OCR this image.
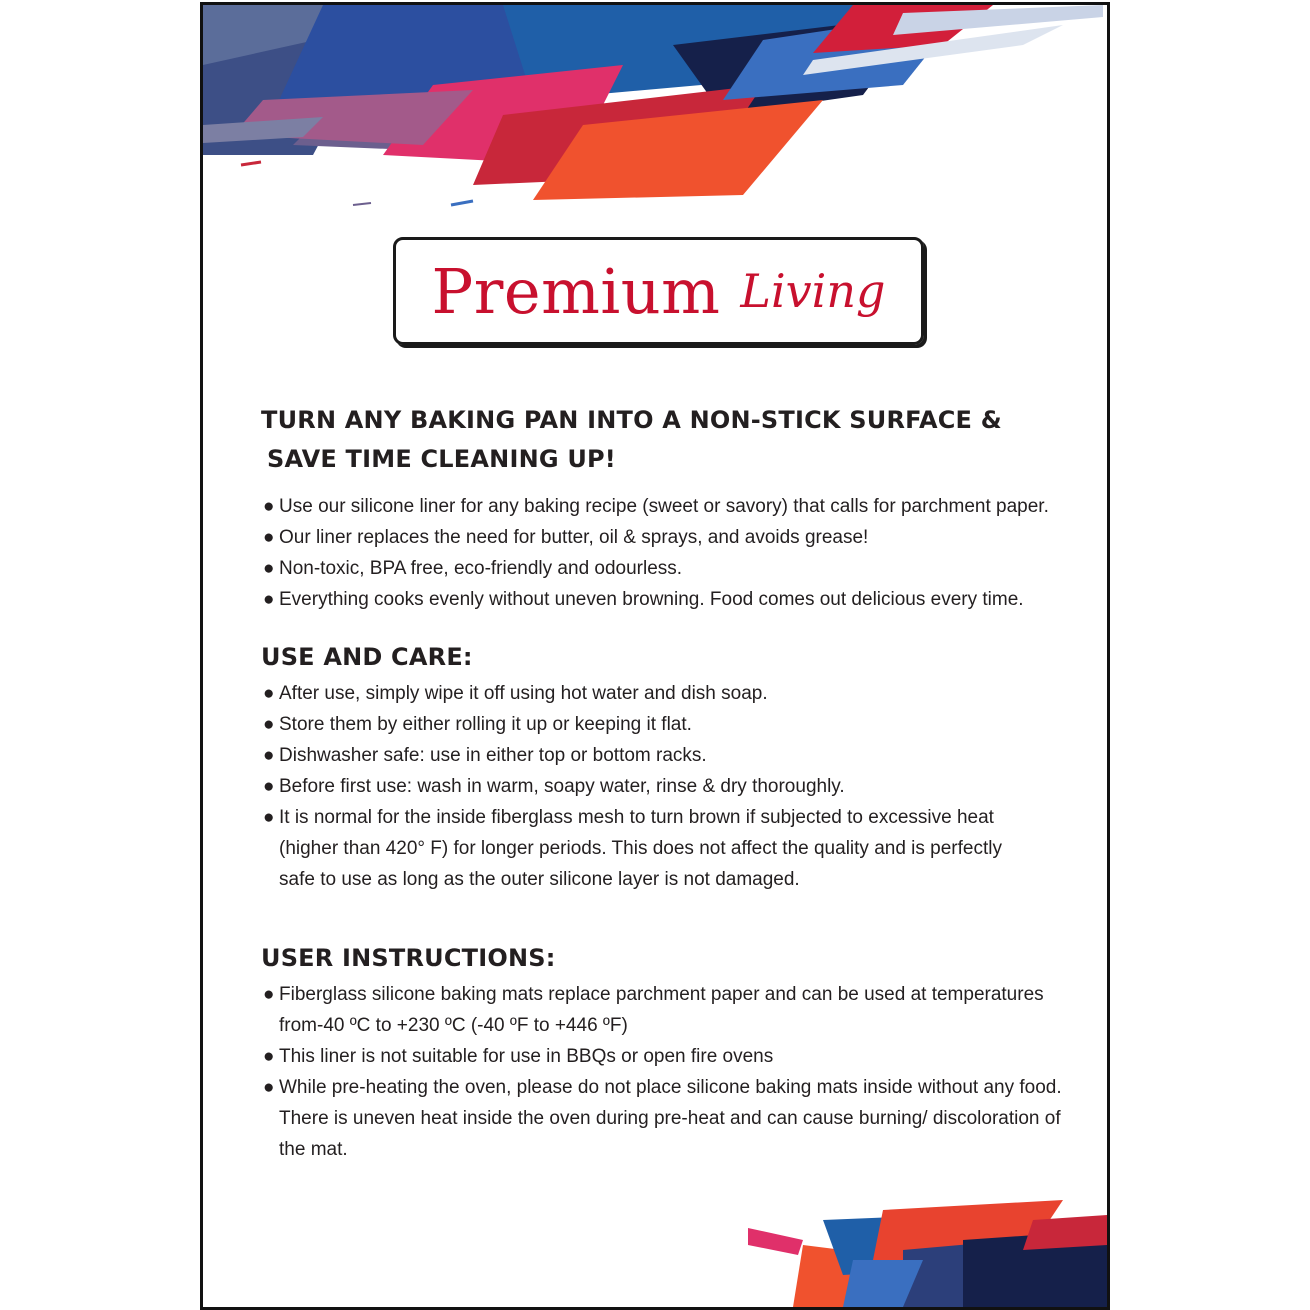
Premium Living
TURN ANY BAKING PAN INTO A NON-STICK SURFACE &
SAVE TIME CLEANING UP!
● Use our silicone liner for any baking recipe (sweet or savory) that calls for parchment paper.
● Our liner replaces the need for butter, oil & sprays, and avoids grease!
● Non-toxic, BPA free, eco-friendly and odourless.
● Everything cooks evenly without uneven browning. Food comes out delicious every time.
USE AND CARE:
● After use, simply wipe it off using hot water and dish soap.
● Store them by either rolling it up or keeping it flat.
● Dishwasher safe: use in either top or bottom racks.
● Before first use: wash in warm, soapy water, rinse & dry thoroughly.
● It is normal for the inside fiberglass mesh to turn brown if subjected to excessive heat (higher than 420° F) for longer periods. This does not affect the quality and is perfectly safe to use as long as the outer silicone layer is not damaged.
USER INSTRUCTIONS:
● Fiberglass silicone baking mats replace parchment paper and can be used at temperatures from-40 ºC to +230 ºC (-40 ºF to +446 ºF)
● This liner is not suitable for use in BBQs or open fire ovens
● While pre-heating the oven, please do not place silicone baking mats inside without any food. There is uneven heat inside the oven during pre-heat and can cause burning/ discoloration of the mat.
